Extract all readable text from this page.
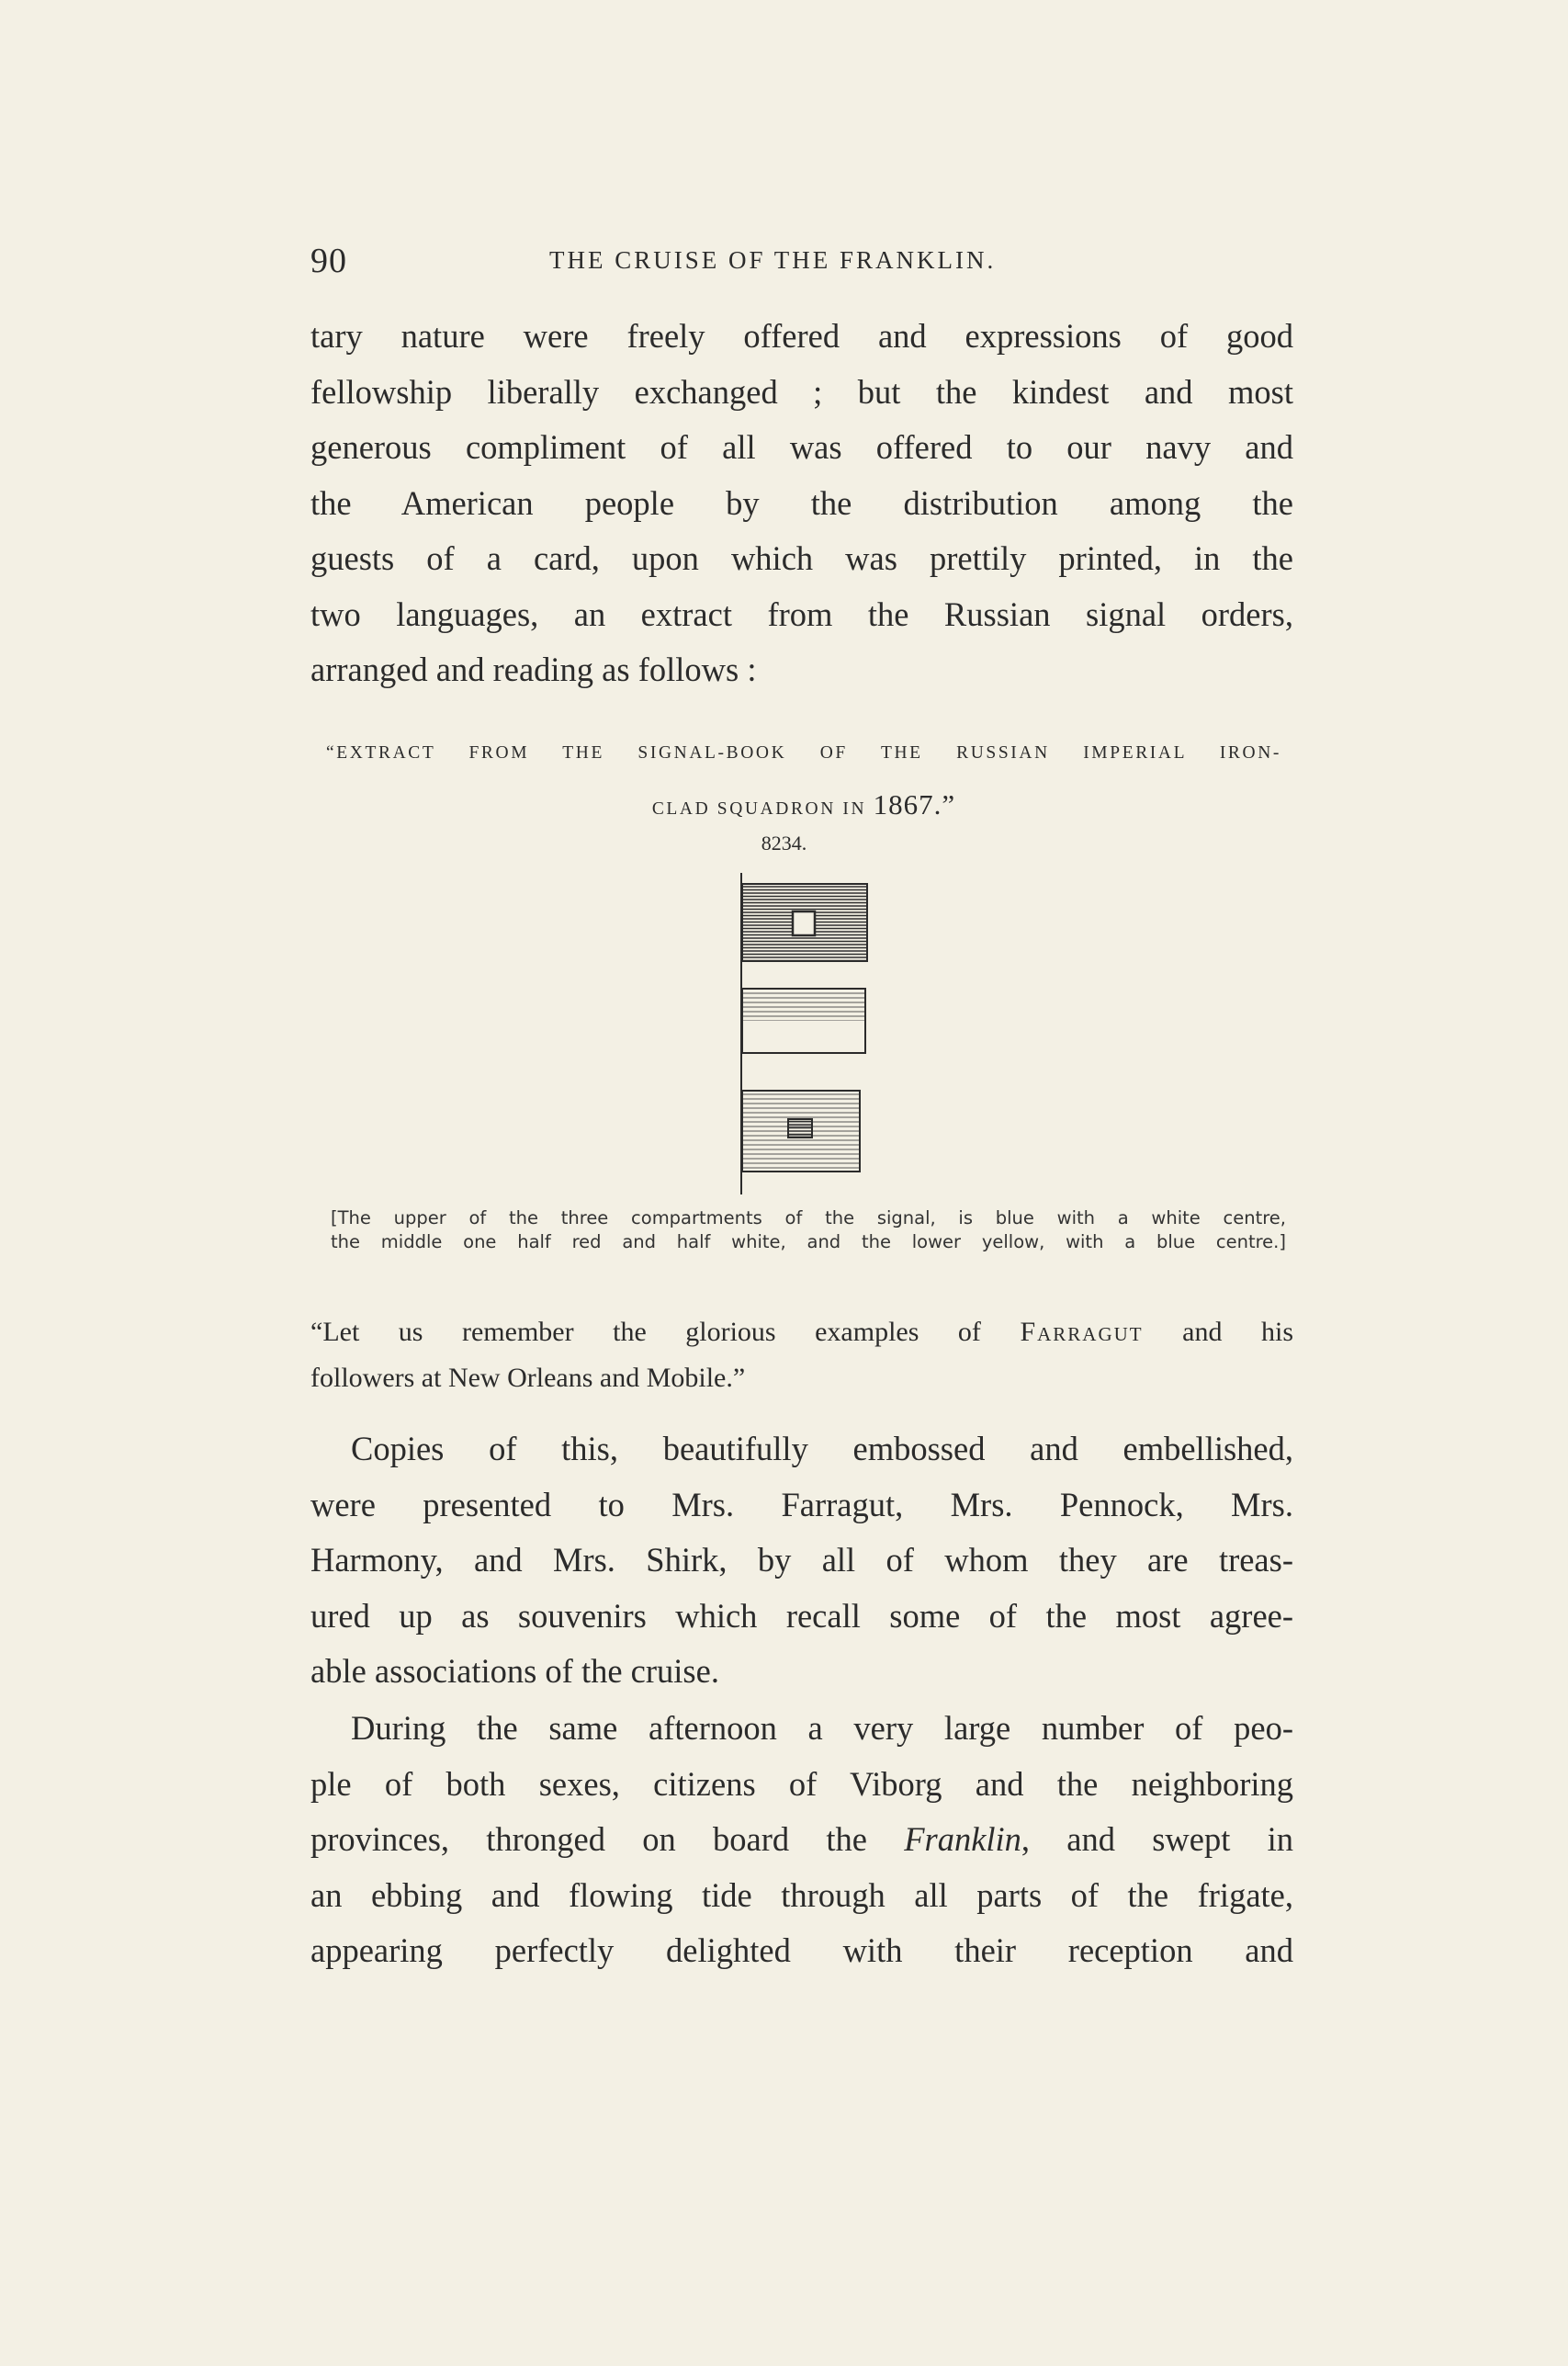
90	THE CRUISE OF THE FRANKLIN.
tary nature were freely offered and expressions of good
fellowship liberally exchanged ; but the kindest and most
generous compliment of all was offered to our navy and
the American people by the distribution among the
guests of a card, upon which was prettily printed, in the
two languages, an extract from the Russian signal orders,
arranged and reading as follows :
“EXTRACT FROM THE SIGNAL-BOOK OF THE RUSSIAN IMPERIAL IRON-
CLAD SQUADRON IN 1867.”
8234.
[The upper of the three compartments of the signal, is blue with a white centre,
the middle one half red and half white, and the lower yellow, with a blue centre.]
“Let us remember the glorious examples of Farragut and his
followers at New Orleans and Mobile.”
Copies of this, beautifully embossed and embellished,
were presented to Mrs. Farragut, Mrs. Pennock, Mrs.
Harmony, and Mrs. Shirk, by all of whom they are treas-
ured up as souvenirs which recall some of the most agree-
able associations of the cruise.
During the same afternoon a very large number of peo-
ple of both sexes, citizens of Viborg and the neighboring
provinces, thronged on board the Franklin, and swept in
an ebbing and flowing tide through all parts of the frigate,
appearing perfectly delighted with their reception and
